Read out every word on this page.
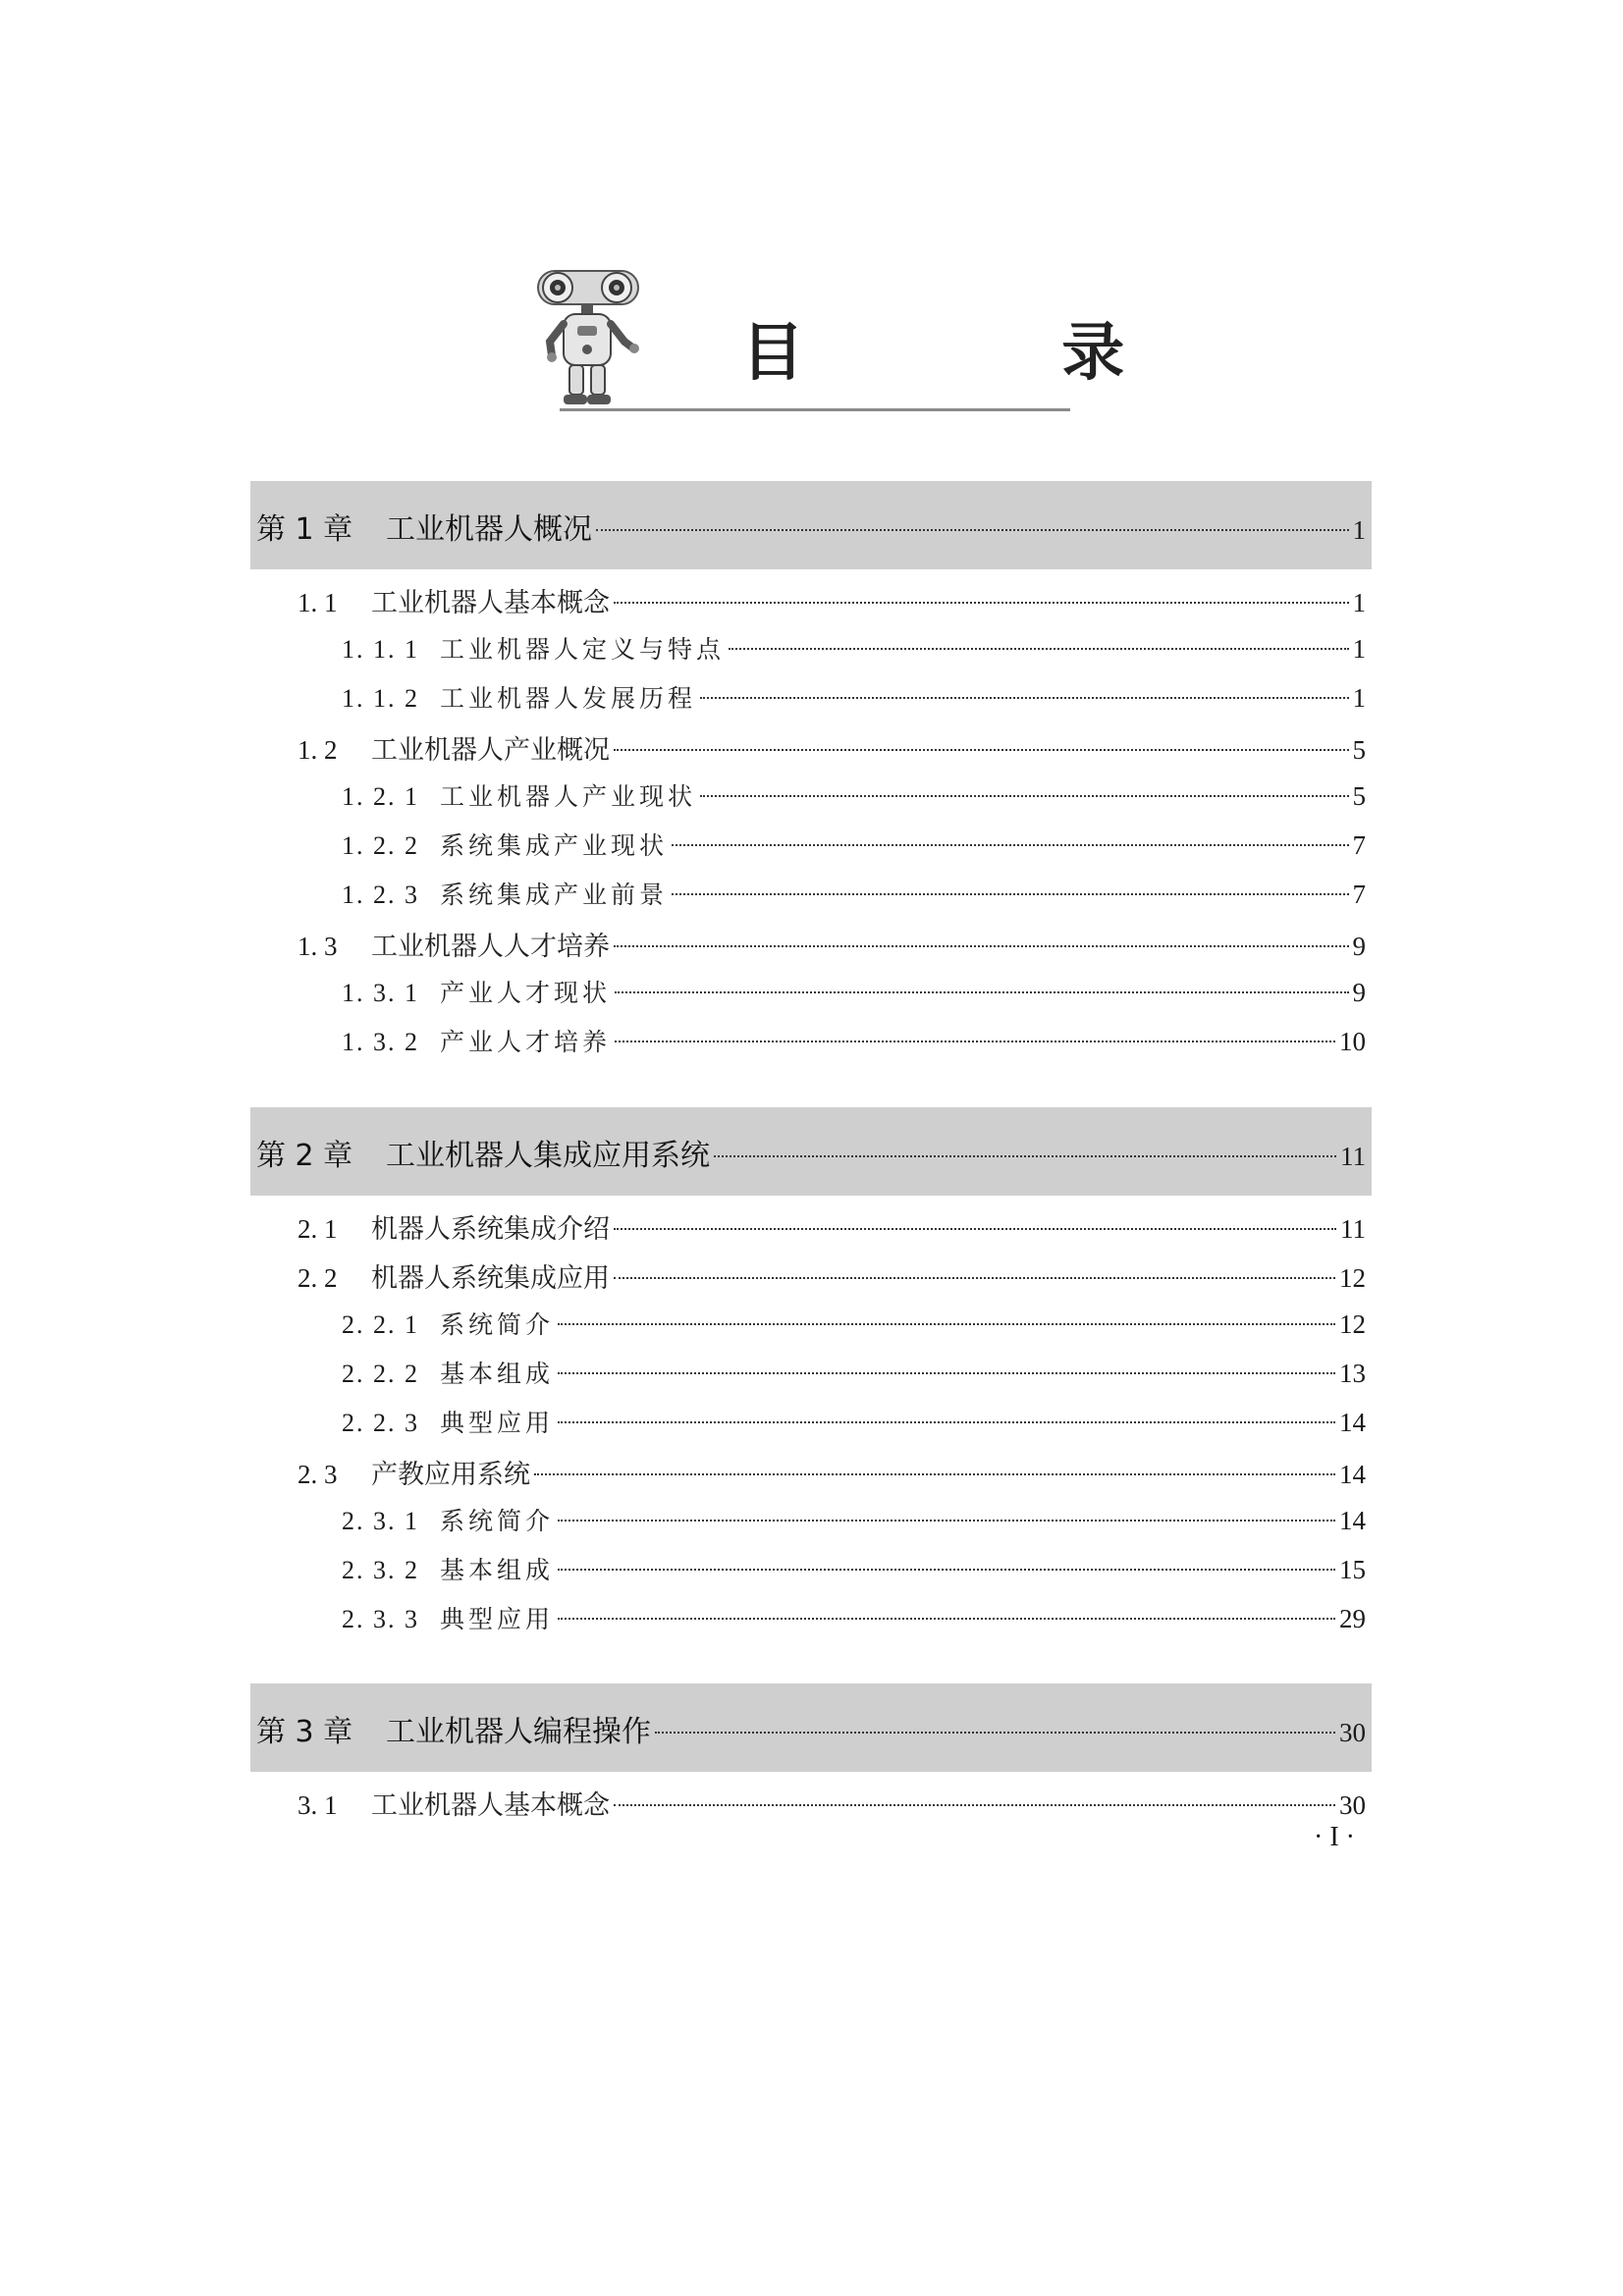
目 录
第 1 章	工业机器人概况	1
1. 1	工业机器人基本概念	1
1. 1. 1 工业机器人定义与特点	1
1. 1. 2 工业机器人发展历程	1
1. 2	工业机器人产业概况	5
1. 2. 1 工业机器人产业现状	5
1. 2. 2 系统集成产业现状	7
1. 2. 3 系统集成产业前景	7
1. 3	工业机器人人才培养	9
1. 3. 1 产业人才现状	9
1. 3. 2 产业人才培养	10
第 2 章	工业机器人集成应用系统	11
2. 1	机器人系统集成介绍	11
2. 2	机器人系统集成应用	12
2. 2. 1 系统简介	12
2. 2. 2 基本组成	13
2. 2. 3 典型应用	14
2. 3	产教应用系统	14
2. 3. 1 系统简介	14
2. 3. 2 基本组成	15
2. 3. 3 典型应用	29
第 3 章	工业机器人编程操作	30
3. 1	工业机器人基本概念	30
· I ·
